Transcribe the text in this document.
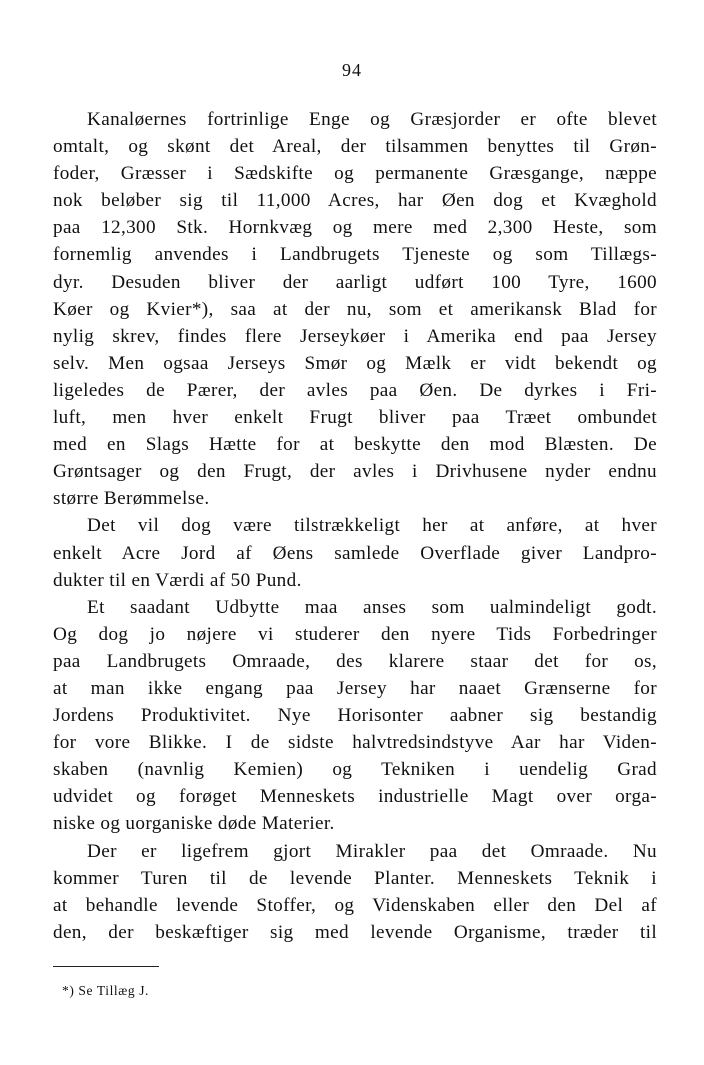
94
Kanaløernes fortrinlige Enge og Græsjorder er ofte blevet
omtalt, og skønt det Areal, der tilsammen benyttes til Grøn-
foder, Græsser i Sædskifte og permanente Græsgange, næppe
nok beløber sig til 11,000 Acres, har Øen dog et Kvæghold
paa 12,300 Stk. Hornkvæg og mere med 2,300 Heste, som
fornemlig anvendes i Landbrugets Tjeneste og som Tillægs-
dyr. Desuden bliver der aarligt udført 100 Tyre, 1600
Køer og Kvier*), saa at der nu, som et amerikansk Blad for
nylig skrev, findes flere Jerseykøer i Amerika end paa Jersey
selv. Men ogsaa Jerseys Smør og Mælk er vidt bekendt og
ligeledes de Pærer, der avles paa Øen. De dyrkes i Fri-
luft, men hver enkelt Frugt bliver paa Træet ombundet
med en Slags Hætte for at beskytte den mod Blæsten. De
Grøntsager og den Frugt, der avles i Drivhusene nyder endnu
større Berømmelse.
Det vil dog være tilstrækkeligt her at anføre, at hver
enkelt Acre Jord af Øens samlede Overflade giver Landpro-
dukter til en Værdi af 50 Pund.
Et saadant Udbytte maa anses som ualmindeligt godt.
Og dog jo nøjere vi studerer den nyere Tids Forbedringer
paa Landbrugets Omraade, des klarere staar det for os,
at man ikke engang paa Jersey har naaet Grænserne for
Jordens Produktivitet. Nye Horisonter aabner sig bestandig
for vore Blikke. I de sidste halvtredsindstyve Aar har Viden-
skaben (navnlig Kemien) og Tekniken i uendelig Grad
udvidet og forøget Menneskets industrielle Magt over orga-
niske og uorganiske døde Materier.
Der er ligefrem gjort Mirakler paa det Omraade. Nu
kommer Turen til de levende Planter. Menneskets Teknik i
at behandle levende Stoffer, og Videnskaben eller den Del af
den, der beskæftiger sig med levende Organisme, træder til
*) Se Tillæg J.
